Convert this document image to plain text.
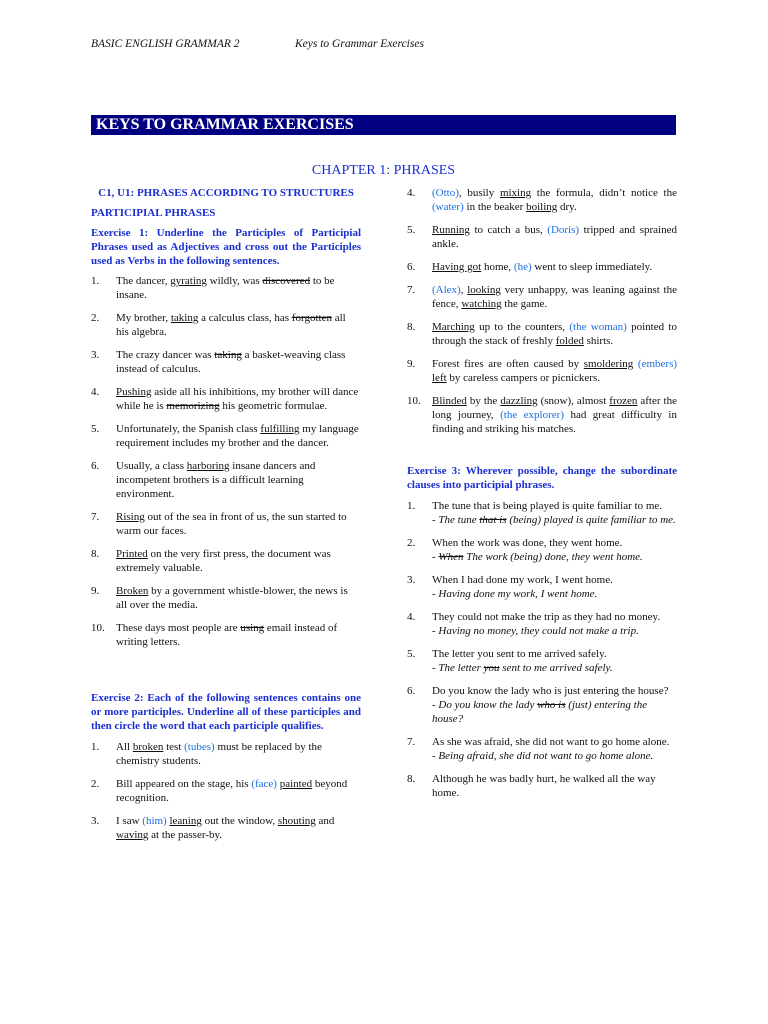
BASIC ENGLISH GRAMMAR 2	Keys to Grammar Exercises
KEYS TO GRAMMAR EXERCISES
CHAPTER 1: PHRASES
C1, U1: PHRASES ACCORDING TO STRUCTURES
PARTICIPIAL PHRASES
Exercise 1: Underline the Participles of Participial Phrases used as Adjectives and cross out the Participles used as Verbs in the following sentences.
1.	The dancer, gyrating wildly, was discovered to be insane.
2.	My brother, taking a calculus class, has forgotten all his algebra.
3.	The crazy dancer was taking a basket-weaving class instead of calculus.
4.	Pushing aside all his inhibitions, my brother will dance while he is memorizing his geometric formulae.
5.	Unfortunately, the Spanish class fulfilling my language requirement includes my brother and the dancer.
6.	Usually, a class harboring insane dancers and incompetent brothers is a difficult learning environment.
7.	Rising out of the sea in front of us, the sun started to warm our faces.
8.	Printed on the very first press, the document was extremely valuable.
9.	Broken by a government whistle-blower, the news is all over the media.
10.	These days most people are using email instead of writing letters.
Exercise 2: Each of the following sentences contains one or more participles. Underline all of these participles and then circle the word that each participle qualifies.
1.	All broken test (tubes) must be replaced by the chemistry students.
2.	Bill appeared on the stage, his (face) painted beyond recognition.
3.	I saw (him) leaning out the window, shouting and waving at the passer-by.
4.	(Otto), busily mixing the formula, didn’t notice the (water) in the beaker boiling dry.
5.	Running to catch a bus, (Doris) tripped and sprained ankle.
6.	Having got home, (he) went to sleep immediately.
7.	(Alex), looking very unhappy, was leaning against the fence, watching the game.
8.	Marching up to the counters, (the woman) pointed to through the stack of freshly folded shirts.
9.	Forest fires are often caused by smoldering (embers) left by careless campers or picnickers.
10.	Blinded by the dazzling (snow), almost frozen after the long journey, (the explorer) had great difficulty in finding and striking his matches.
Exercise 3: Wherever possible, change the subordinate clauses into participial phrases.
1.	The tune that is being played is quite familiar to me.
- The tune that is (being) played is quite familiar to me.
2.	When the work was done, they went home.
- When The work (being) done, they went home.
3.	When I had done my work, I went home.
- Having done my work, I went home.
4.	They could not make the trip as they had no money.
- Having no money, they could not make a trip.
5.	The letter you sent to me arrived safely.
- The letter you sent to me arrived safely.
6.	Do you know the lady who is just entering the house?
- Do you know the lady who is (just) entering the house?
7.	As she was afraid, she did not want to go home alone.
- Being afraid, she did not want to go home alone.
8.	Although he was badly hurt, he walked all the way home.
